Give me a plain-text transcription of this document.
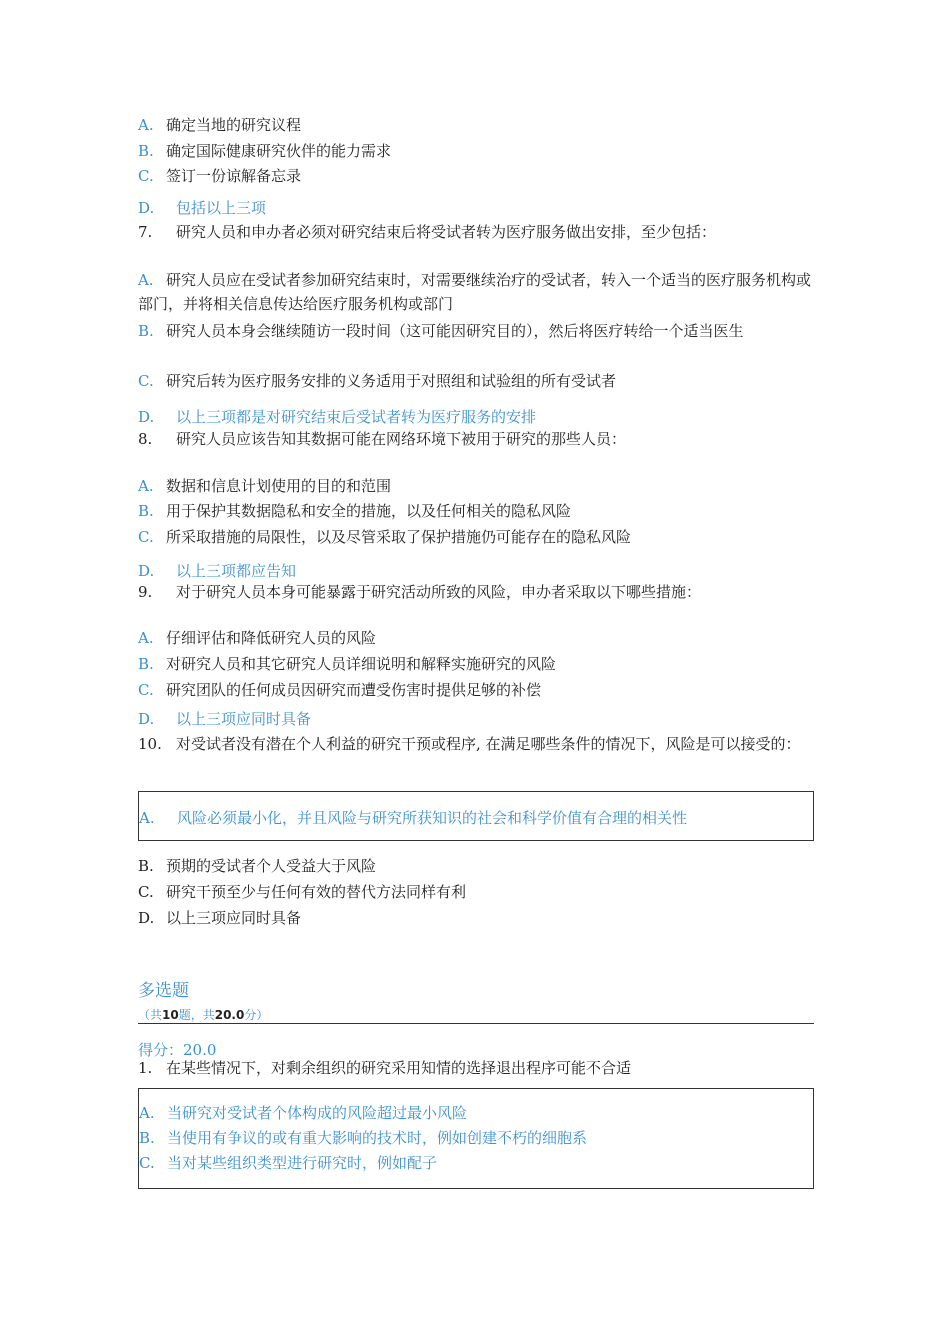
A. 确定当地的研究议程
B. 确定国际健康研究伙伴的能力需求
C. 签订一份谅解备忘录
D. 包括以上三项
7. 研究人员和申办者必须对研究结束后将受试者转为医疗服务做出安排，至少包括：
A. 研究人员应在受试者参加研究结束时，对需要继续治疗的受试者，转入一个适当的医疗服务机构或部门，并将相关信息传达给医疗服务机构或部门
B. 研究人员本身会继续随访一段时间（这可能因研究目的），然后将医疗转给一个适当医生
C. 研究后转为医疗服务安排的义务适用于对照组和试验组的所有受试者
D. 以上三项都是对研究结束后受试者转为医疗服务的安排
8. 研究人员应该告知其数据可能在网络环境下被用于研究的那些人员：
A. 数据和信息计划使用的目的和范围
B. 用于保护其数据隐私和安全的措施，以及任何相关的隐私风险
C. 所采取措施的局限性，以及尽管采取了保护措施仍可能存在的隐私风险
D. 以上三项都应告知
9. 对于研究人员本身可能暴露于研究活动所致的风险，申办者采取以下哪些措施：
A. 仔细评估和降低研究人员的风险
B. 对研究人员和其它研究人员详细说明和解释实施研究的风险
C. 研究团队的任何成员因研究而遭受伤害时提供足够的补偿
D. 以上三项应同时具备
10. 对受试者没有潜在个人利益的研究干预或程序, 在满足哪些条件的情况下，风险是可以接受的：
A. 风险必须最小化，并且风险与研究所获知识的社会和科学价值有合理的相关性
B. 预期的受试者个人受益大于风险
C. 研究干预至少与任何有效的替代方法同样有利
D. 以上三项应同时具备
多选题
（共10题，共20.0分）
得分：20.0
1. 在某些情况下，对剩余组织的研究采用知情的选择退出程序可能不合适
A. 当研究对受试者个体构成的风险超过最小风险
B. 当使用有争议的或有重大影响的技术时，例如创建不朽的细胞系
C. 当对某些组织类型进行研究时，例如配子
